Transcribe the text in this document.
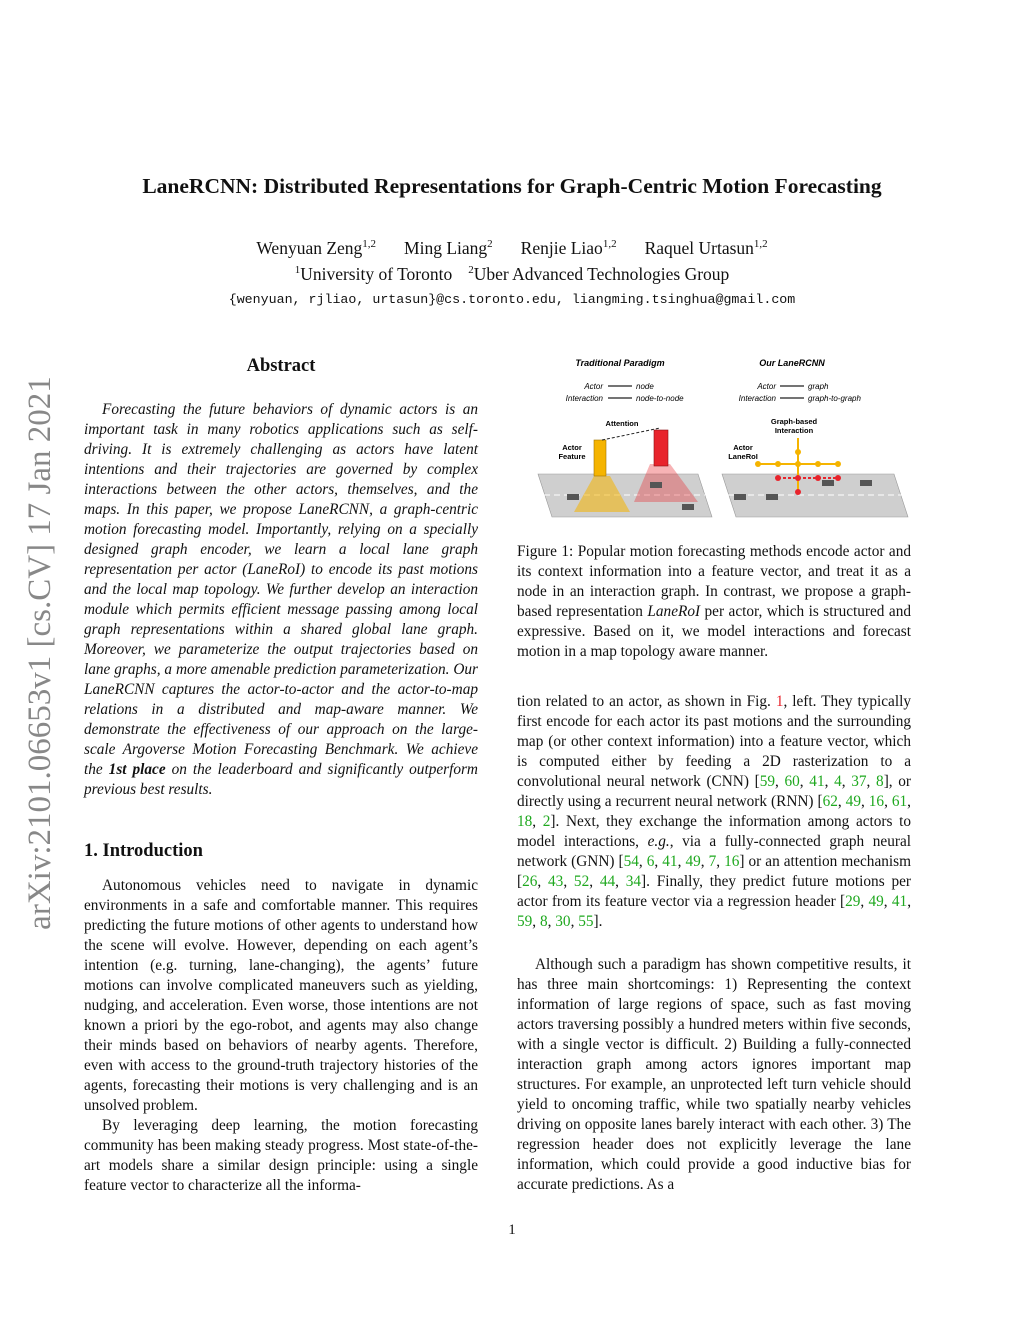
LaneRCNN: Distributed Representations for Graph-Centric Motion Forecasting
Wenyuan Zeng$^{1,2}$ Ming Liang$^2$ Renjie Liao$^{1,2}$ Raquel Urtasun$^{1,2}$
$^1$University of Toronto $^2$Uber Advanced Technologies Group
{wenyuan, rjliao, urtasun}@cs.toronto.edu, liangming.tsinghua@gmail.com
arXiv:2101.06653v1 [cs.CV] 17 Jan 2021
Abstract
Forecasting the future behaviors of dynamic actors is an important task in many robotics applications such as self-driving. It is extremely challenging as actors have latent intentions and their trajectories are governed by complex interactions between the other actors, themselves, and the maps. In this paper, we propose LaneRCNN, a graph-centric motion forecasting model. Importantly, relying on a specially designed graph encoder, we learn a local lane graph representation per actor (LaneRoI) to encode its past motions and the local map topology. We further develop an interaction module which permits efficient message passing among local graph representations within a shared global lane graph. Moreover, we parameterize the output trajectories based on lane graphs, a more amenable prediction parameterization. Our LaneRCNN captures the actor-to-actor and the actor-to-map relations in a distributed and map-aware manner. We demonstrate the effectiveness of our approach on the large-scale Argoverse Motion Forecasting Benchmark. We achieve the 1st place on the leaderboard and significantly outperform previous best results.
1. Introduction

Autonomous vehicles need to navigate in dynamic environments in a safe and comfortable manner. This requires predicting the future motions of other agents to understand how the scene will evolve. However, depending on each agent’s intention (e.g. turning, lane-changing), the agents’ future motions can involve complicated maneuvers such as yielding, nudging, and acceleration. Even worse, those intentions are not known a priori by the ego-robot, and agents may also change their minds based on behaviors of nearby agents. Therefore, even with access to the ground-truth trajectory histories of the agents, forecasting their motions is very challenging and is an unsolved problem.

By leveraging deep learning, the motion forecasting community has been making steady progress. Most state-of-the-art models share a similar design principle: using a single feature vector to characterize all the informa-

Traditional Paradigm	Our LaneRCNN
Actor	node
Interaction	node-to-node
Actor	graph
Interaction	graph-to-graph
Attention
Actor
Feature
Graph-based
Interaction
Actor
LaneRoI

Figure 1: Popular motion forecasting methods encode actor and its context information into a feature vector, and treat it as a node in an interaction graph. In contrast, we propose a graph-based representation LaneRoI per actor, which is structured and expressive. Based on it, we model interactions and forecast motion in a map topology aware manner.

tion related to an actor, as shown in Fig. 1, left. They typically first encode for each actor its past motions and the surrounding map (or other context information) into a feature vector, which is computed either by feeding a 2D rasterization to a convolutional neural network (CNN) [59, 60, 41, 4, 37, 8], or directly using a recurrent neural network (RNN) [62, 49, 16, 61, 18, 2]. Next, they exchange the information among actors to model interactions, e.g., via a fully-connected graph neural network (GNN) [54, 6, 41, 49, 7, 16] or an attention mechanism [26, 43, 52, 44, 34]. Finally, they predict future motions per actor from its feature vector via a regression header [29, 49, 41, 59, 8, 30, 55].

Although such a paradigm has shown competitive results, it has three main shortcomings: 1) Representing the context information of large regions of space, such as fast moving actors traversing possibly a hundred meters within five seconds, with a single vector is difficult. 2) Building a fully-connected interaction graph among actors ignores important map structures. For example, an unprotected left turn vehicle should yield to oncoming traffic, while two spatially nearby vehicles driving on opposite lanes barely interact with each other. 3) The regression header does not explicitly leverage the lane information, which could provide a good inductive bias for accurate predictions. As a

1
